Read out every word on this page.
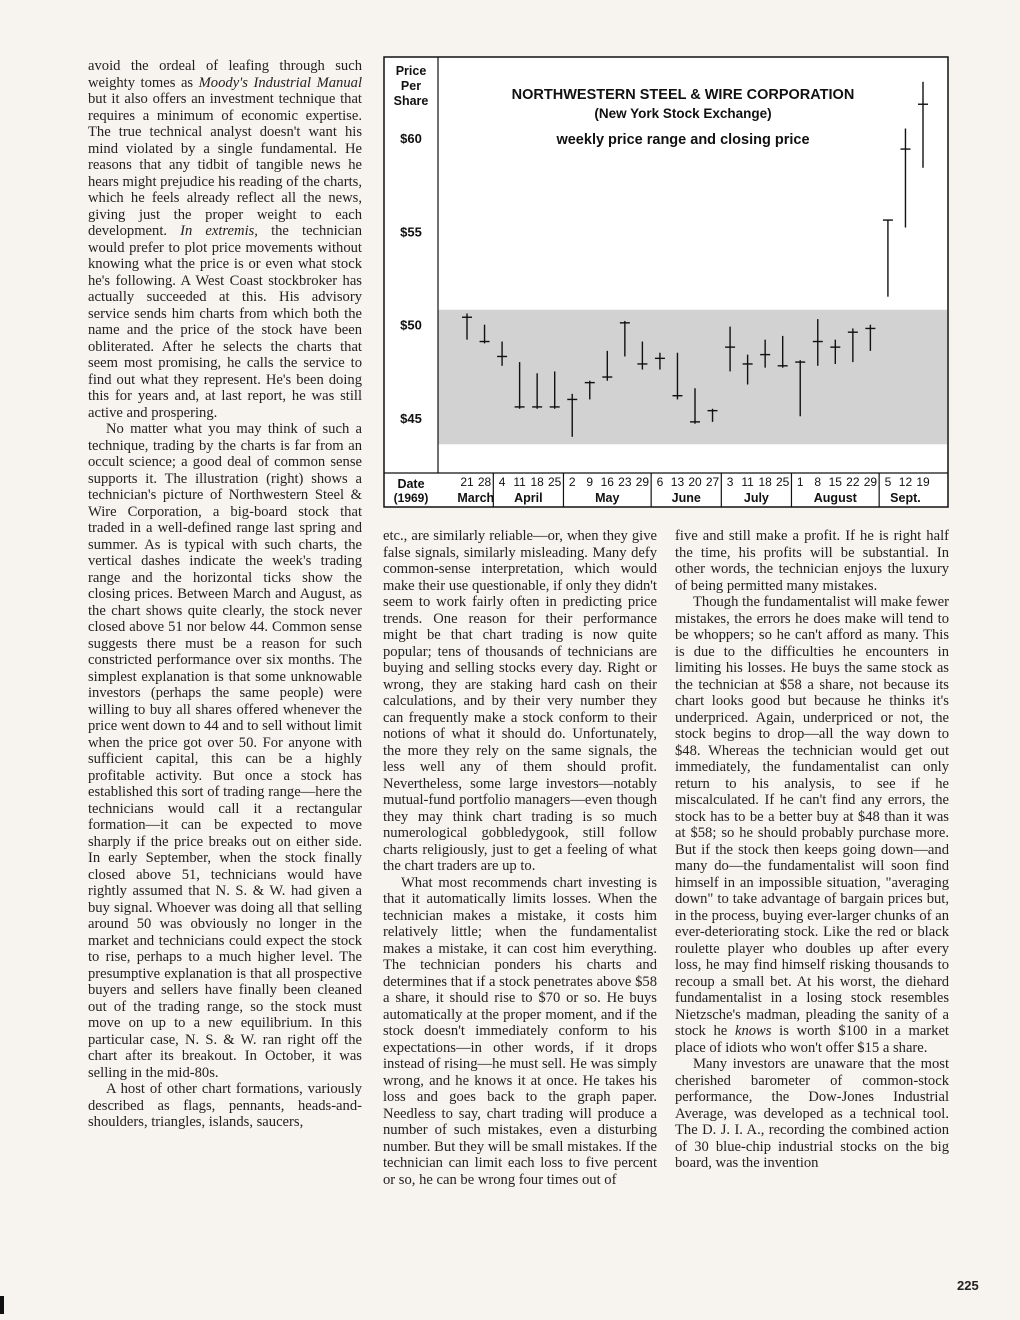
avoid the ordeal of leafing through such weighty tomes as Moody's Industrial Manual but it also offers an investment technique that requires a minimum of economic expertise. The true technical analyst doesn't want his mind violated by a single fundamental. He reasons that any tidbit of tangible news he hears might prejudice his reading of the charts, which he feels already reflect all the news, giving just the proper weight to each development. In extremis, the technician would prefer to plot price movements without knowing what the price is or even what stock he's following. A West Coast stockbroker has actually succeeded at this. His advisory service sends him charts from which both the name and the price of the stock have been obliterated. After he selects the charts that seem most promising, he calls the service to find out what they represent. He's been doing this for years and, at last report, he was still active and prospering.

No matter what you may think of such a technique, trading by the charts is far from an occult science; a good deal of common sense supports it. The illustration (right) shows a technician's picture of Northwestern Steel & Wire Corporation, a big-board stock that traded in a well-defined range last spring and summer. As is typical with such charts, the vertical dashes indicate the week's trading range and the horizontal ticks show the closing prices. Between March and August, as the chart shows quite clearly, the stock never closed above 51 nor below 44. Common sense suggests there must be a reason for such constricted performance over six months. The simplest explanation is that some unknowable investors (perhaps the same people) were willing to buy all shares offered whenever the price went down to 44 and to sell without limit when the price got over 50. For anyone with sufficient capital, this can be a highly profitable activity. But once a stock has established this sort of trading range—here the technicians would call it a rectangular formation—it can be expected to move sharply if the price breaks out on either side. In early September, when the stock finally closed above 51, technicians would have rightly assumed that N. S. & W. had given a buy signal. Whoever was doing all that selling around 50 was obviously no longer in the market and technicians could expect the stock to rise, perhaps to a much higher level. The presumptive explanation is that all prospective buyers and sellers have finally been cleaned out of the trading range, so the stock must move on up to a new equilibrium. In this particular case, N. S. & W. ran right off the chart after its breakout. In October, it was selling in the mid-80s.

A host of other chart formations, variously described as flags, pennants, heads-and-shoulders, triangles, islands, saucers,

Price
Per
Share	NORTHWESTERN STEEL & WIRE CORPORATION
(New York Stock Exchange)
weekly price range and closing price
Date
(1969)
$45
$50
$55
$60
21 28
March
4 11 18 25
April
2 9 16 23 29
May
6 13 20 27
June
3 11 18 25
July
1 8 15 22 29
August
5 12 19
Sept.

etc., are similarly reliable—or, when they give false signals, similarly misleading. Many defy common-sense interpretation, which would make their use questionable, if only they didn't seem to work fairly often in predicting price trends. One reason for their performance might be that chart trading is now quite popular; tens of thousands of technicians are buying and selling stocks every day. Right or wrong, they are staking hard cash on their calculations, and by their very number they can frequently make a stock conform to their notions of what it should do. Unfortunately, the more they rely on the same signals, the less well any of them should profit. Nevertheless, some large investors—notably mutual-fund portfolio managers—even though they may think chart trading is so much numerological gobbledygook, still follow charts religiously, just to get a feeling of what the chart traders are up to.

What most recommends chart investing is that it automatically limits losses. When the technician makes a mistake, it costs him relatively little; when the fundamentalist makes a mistake, it can cost him everything. The technician ponders his charts and determines that if a stock penetrates above $58 a share, it should rise to $70 or so. He buys automatically at the proper moment, and if the stock doesn't immediately conform to his expectations—in other words, if it drops instead of rising—he must sell. He was simply wrong, and he knows it at once. He takes his loss and goes back to the graph paper. Needless to say, chart trading will produce a number of such mistakes, even a disturbing number. But they will be small mistakes. If the technician can limit each loss to five percent or so, he can be wrong four times out of

five and still make a profit. If he is right half the time, his profits will be substantial. In other words, the technician enjoys the luxury of being permitted many mistakes.

Though the fundamentalist will make fewer mistakes, the errors he does make will tend to be whoppers; so he can't afford as many. This is due to the difficulties he encounters in limiting his losses. He buys the same stock as the technician at $58 a share, not because its chart looks good but because he thinks it's underpriced. Again, underpriced or not, the stock begins to drop—all the way down to $48. Whereas the technician would get out immediately, the fundamentalist can only return to his analysis, to see if he miscalculated. If he can't find any errors, the stock has to be a better buy at $48 than it was at $58; so he should probably purchase more. But if the stock then keeps going down—and many do—the fundamentalist will soon find himself in an impossible situation, "averaging down" to take advantage of bargain prices but, in the process, buying ever-larger chunks of an ever-deteriorating stock. Like the red or black roulette player who doubles up after every loss, he may find himself risking thousands to recoup a small bet. At his worst, the diehard fundamentalist in a losing stock resembles Nietzsche's madman, pleading the sanity of a stock he knows is worth $100 in a market place of idiots who won't offer $15 a share.

Many investors are unaware that the most cherished barometer of common-stock performance, the Dow-Jones Industrial Average, was developed as a technical tool. The D. J. I. A., recording the combined action of 30 blue-chip industrial stocks on the big board, was the invention

225
